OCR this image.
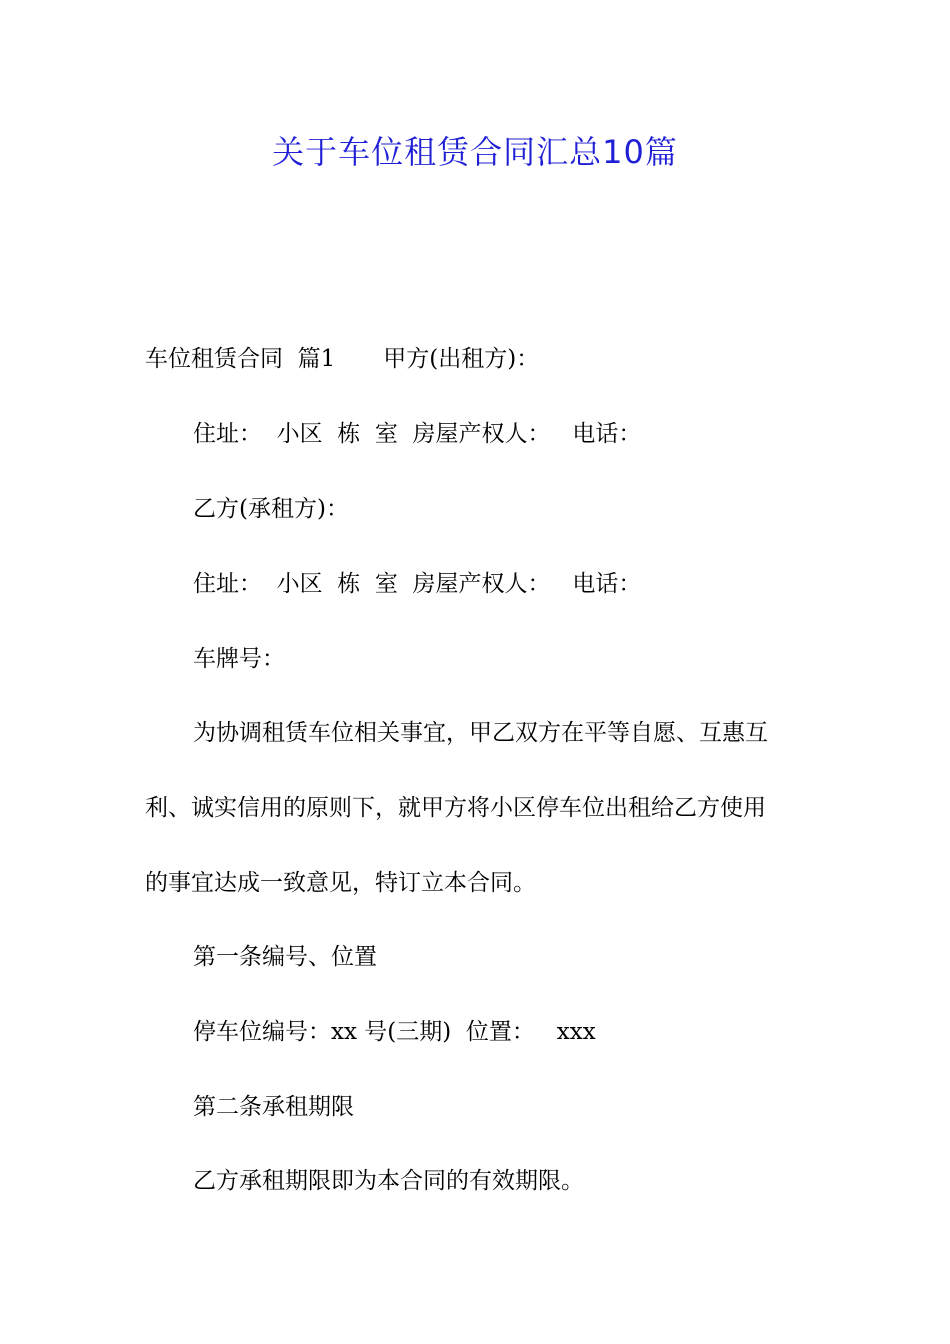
关于车位租赁合同汇总10篇

车位租赁合同  篇1 甲方(出租方)：

住址：  小区  栋  室  房屋产权人：   电话：

乙方(承租方)：

住址：  小区  栋  室  房屋产权人：   电话：

车牌号：

为协调租赁车位相关事宜，甲乙双方在平等自愿、互惠互

利、诚实信用的原则下，就甲方将小区停车位出租给乙方使用

的事宜达成一致意见，特订立本合同。

第一条编号、位置

停车位编号：xx 号(三期)  位置：   xxx

第二条承租期限

乙方承租期限即为本合同的有效期限。
